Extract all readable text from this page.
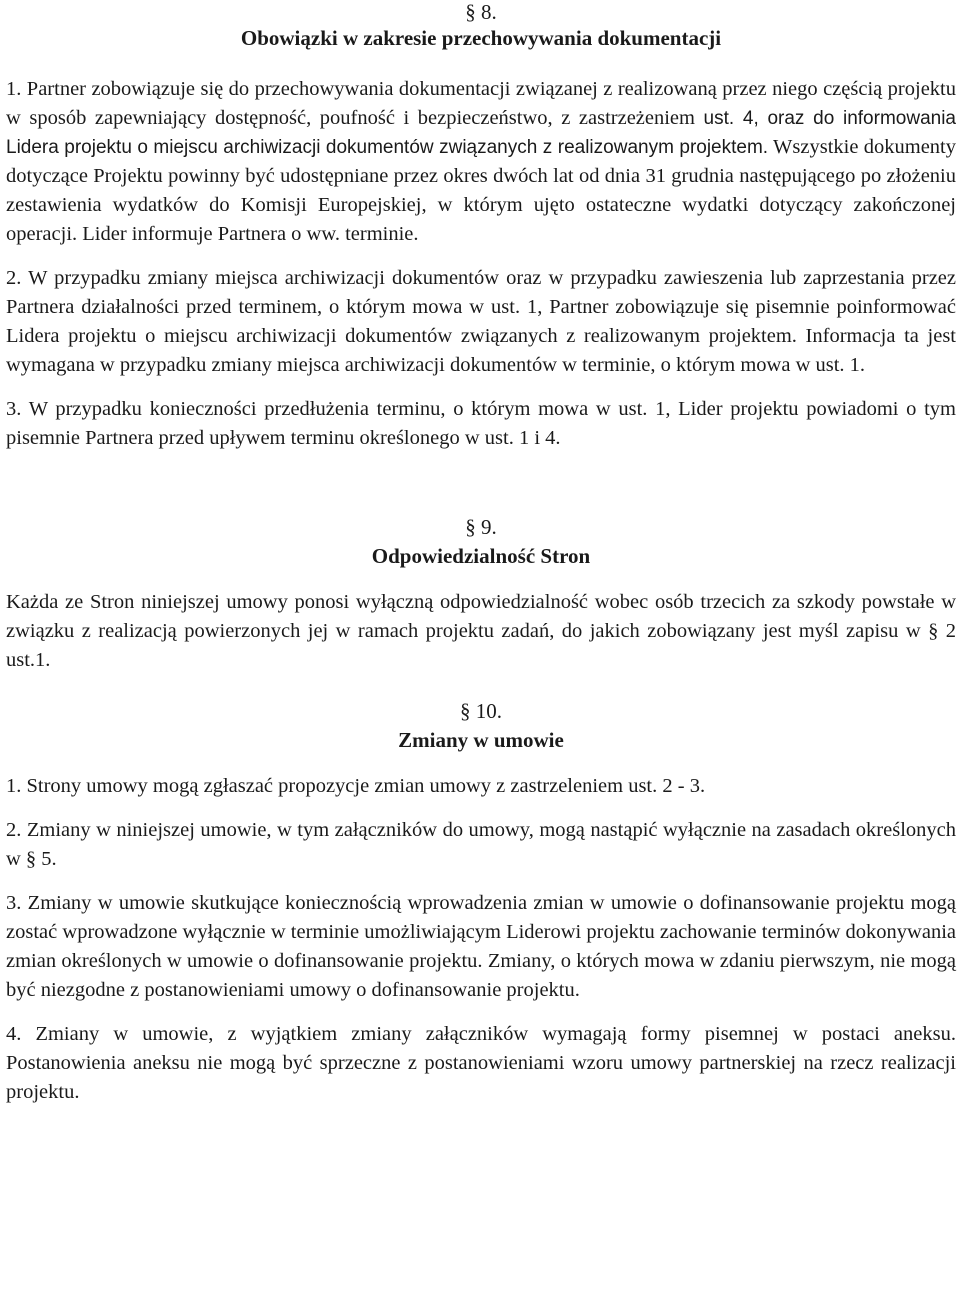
§ 8.
Obowiązki w zakresie przechowywania dokumentacji

1. Partner zobowiązuje się do przechowywania dokumentacji związanej z realizowaną przez niego częścią projektu w sposób zapewniający dostępność, poufność i bezpieczeństwo, z zastrzeżeniem ust. 4, oraz do informowania Lidera projektu o miejscu archiwizacji dokumentów związanych z realizowanym projektem. Wszystkie dokumenty dotyczące Projektu powinny być udostępniane przez okres dwóch lat od dnia 31 grudnia następującego po złożeniu zestawienia wydatków do Komisji Europejskiej, w którym ujęto ostateczne wydatki dotyczący zakończonej operacji. Lider informuje Partnera o ww. terminie.

2. W przypadku zmiany miejsca archiwizacji dokumentów oraz w przypadku zawieszenia lub zaprzestania przez Partnera działalności przed terminem, o którym mowa w ust. 1, Partner zobowiązuje się pisemnie poinformować Lidera projektu o miejscu archiwizacji dokumentów związanych z realizowanym projektem. Informacja ta jest wymagana w przypadku zmiany miejsca archiwizacji dokumentów w terminie, o którym mowa w ust. 1.

3. W przypadku konieczności przedłużenia terminu, o którym mowa w ust. 1, Lider projektu powiadomi o tym pisemnie Partnera przed upływem terminu określonego w ust. 1 i 4.

§ 9.
Odpowiedzialność Stron

Każda ze Stron niniejszej umowy ponosi wyłączną odpowiedzialność wobec osób trzecich za szkody powstałe w związku z realizacją powierzonych jej w ramach projektu zadań, do jakich zobowiązany jest myśl zapisu w § 2 ust.1.

§ 10.
Zmiany w umowie

1. Strony umowy mogą zgłaszać propozycje zmian umowy z zastrzeleniem ust. 2 - 3.

2. Zmiany w niniejszej umowie, w tym załączników do umowy, mogą nastąpić wyłącznie na zasadach określonych w § 5.

3. Zmiany w umowie skutkujące koniecznością wprowadzenia zmian w umowie o dofinansowanie projektu mogą zostać wprowadzone wyłącznie w terminie umożliwiającym Liderowi projektu zachowanie terminów dokonywania zmian określonych w umowie o dofinansowanie projektu. Zmiany, o których mowa w zdaniu pierwszym, nie mogą być niezgodne z postanowieniami umowy o dofinansowanie projektu.

4. Zmiany w umowie, z wyjątkiem zmiany załączników wymagają formy pisemnej w postaci aneksu. Postanowienia aneksu nie mogą być sprzeczne z postanowieniami wzoru umowy partnerskiej na rzecz realizacji projektu.
